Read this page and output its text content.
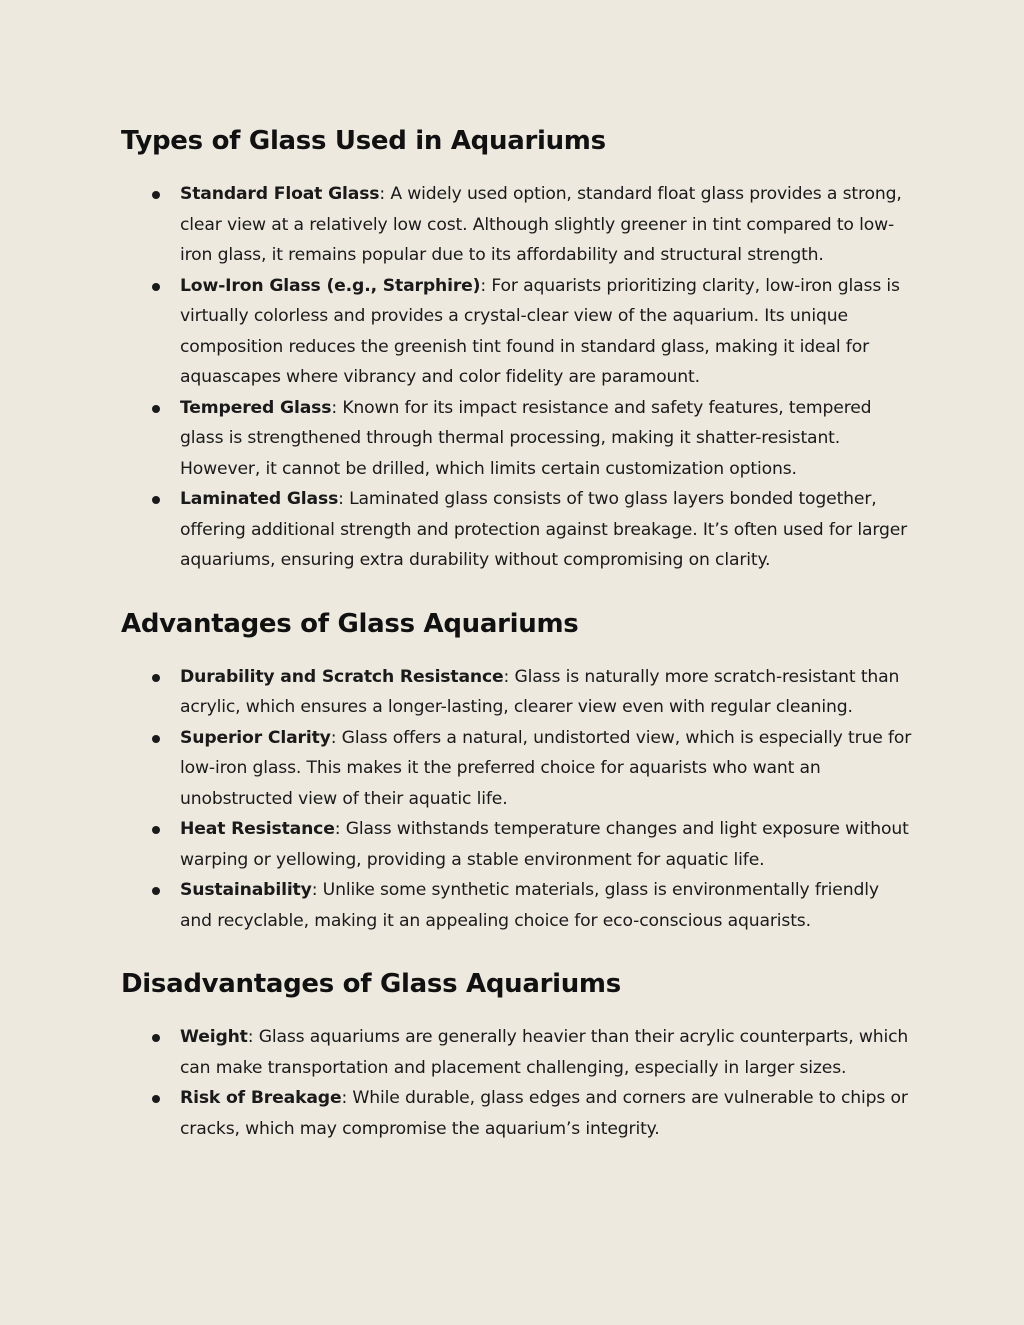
Types of Glass Used in Aquariums
Standard Float Glass: A widely used option, standard float glass provides a strong, clear view at a relatively low cost. Although slightly greener in tint compared to low-iron glass, it remains popular due to its affordability and structural strength.
Low-Iron Glass (e.g., Starphire): For aquarists prioritizing clarity, low-iron glass is virtually colorless and provides a crystal-clear view of the aquarium. Its unique composition reduces the greenish tint found in standard glass, making it ideal for aquascapes where vibrancy and color fidelity are paramount.
Tempered Glass: Known for its impact resistance and safety features, tempered glass is strengthened through thermal processing, making it shatter-resistant. However, it cannot be drilled, which limits certain customization options.
Laminated Glass: Laminated glass consists of two glass layers bonded together, offering additional strength and protection against breakage. It’s often used for larger aquariums, ensuring extra durability without compromising on clarity.
Advantages of Glass Aquariums
Durability and Scratch Resistance: Glass is naturally more scratch-resistant than acrylic, which ensures a longer-lasting, clearer view even with regular cleaning.
Superior Clarity: Glass offers a natural, undistorted view, which is especially true for low-iron glass. This makes it the preferred choice for aquarists who want an unobstructed view of their aquatic life.
Heat Resistance: Glass withstands temperature changes and light exposure without warping or yellowing, providing a stable environment for aquatic life.
Sustainability: Unlike some synthetic materials, glass is environmentally friendly and recyclable, making it an appealing choice for eco-conscious aquarists.
Disadvantages of Glass Aquariums
Weight: Glass aquariums are generally heavier than their acrylic counterparts, which can make transportation and placement challenging, especially in larger sizes.
Risk of Breakage: While durable, glass edges and corners are vulnerable to chips or cracks, which may compromise the aquarium’s integrity.
